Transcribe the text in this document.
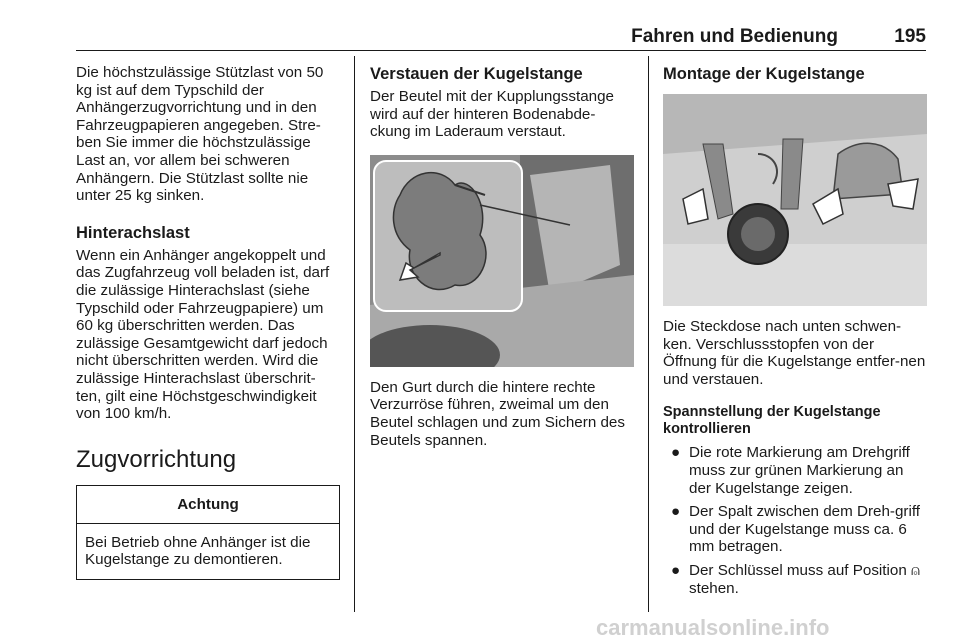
Fahren und Bedienung	195

Die höchstzulässige Stützlast von 50 kg ist auf dem Typschild der Anhängerzugvorrichtung und in den Fahrzeugpapieren angegeben. Stre-ben Sie immer die höchstzulässige Last an, vor allem bei schweren Anhängern. Die Stützlast sollte nie unter 25 kg sinken.

Hinterachslast

Wenn ein Anhänger angekoppelt und das Zugfahrzeug voll beladen ist, darf die zulässige Hinterachslast (siehe Typschild oder Fahrzeugpapiere) um 60 kg überschritten werden. Das zulässige Gesamtgewicht darf jedoch nicht überschritten werden. Wird die zulässige Hinterachslast überschrit-ten, gilt eine Höchstgeschwindigkeit von 100 km/h.

Zugvorrichtung
Achtung
Bei Betrieb ohne Anhänger ist die Kugelstange zu demontieren.
Verstauen der Kugelstange

Der Beutel mit der Kupplungsstange wird auf der hinteren Bodenabde-ckung im Laderaum verstaut.

Den Gurt durch die hintere rechte Verzurröse führen, zweimal um den Beutel schlagen und zum Sichern des Beutels spannen.

Montage der Kugelstange

Die Steckdose nach unten schwen-ken. Verschlussstopfen von der Öffnung für die Kugelstange entfer-nen und verstauen.

Spannstellung der Kugelstange kontrollieren
● Die rote Markierung am Drehgriff muss zur grünen Markierung an der Kugelstange zeigen.
● Der Spalt zwischen dem Dreh-griff und der Kugelstange muss ca. 6 mm betragen.
● Der Schlüssel muss auf Position ⍝ stehen.
carmanualsonline.info
